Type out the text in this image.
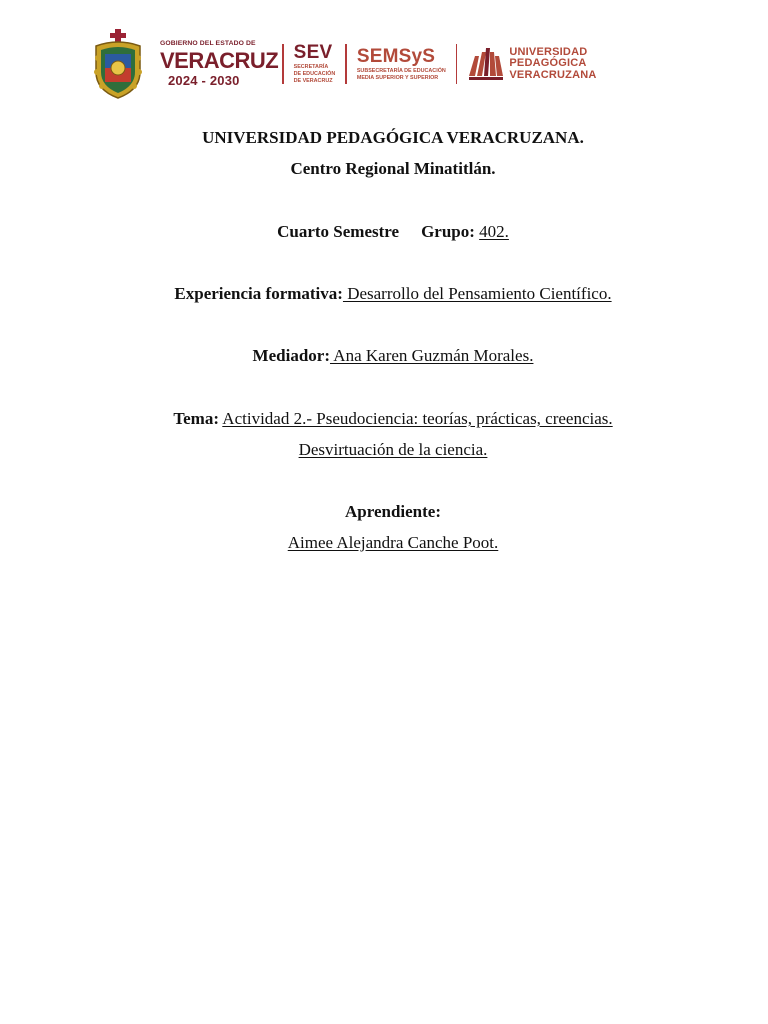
GOBIERNO DEL ESTADO DE
VERACRUZ
2024 - 2030
SEV
SECRETARÍA
DE EDUCACIÓN
DE VERACRUZ
SEMSyS
SUBSECRETARÍA DE EDUCACIÓN
MEDIA SUPERIOR Y SUPERIOR
UNIVERSIDAD
PEDAGÓGICA
VERACRUZANA
UNIVERSIDAD PEDAGÓGICA VERACRUZANA.
Centro Regional Minatitlán.
Cuarto Semestre Grupo: 402.
Experiencia formativa: Desarrollo del Pensamiento Científico.
Mediador: Ana Karen Guzmán Morales.
Tema: Actividad 2.- Pseudociencia: teorías, prácticas, creencias.
Desvirtuación de la ciencia.
Aprendiente:
Aimee Alejandra Canche Poot.
